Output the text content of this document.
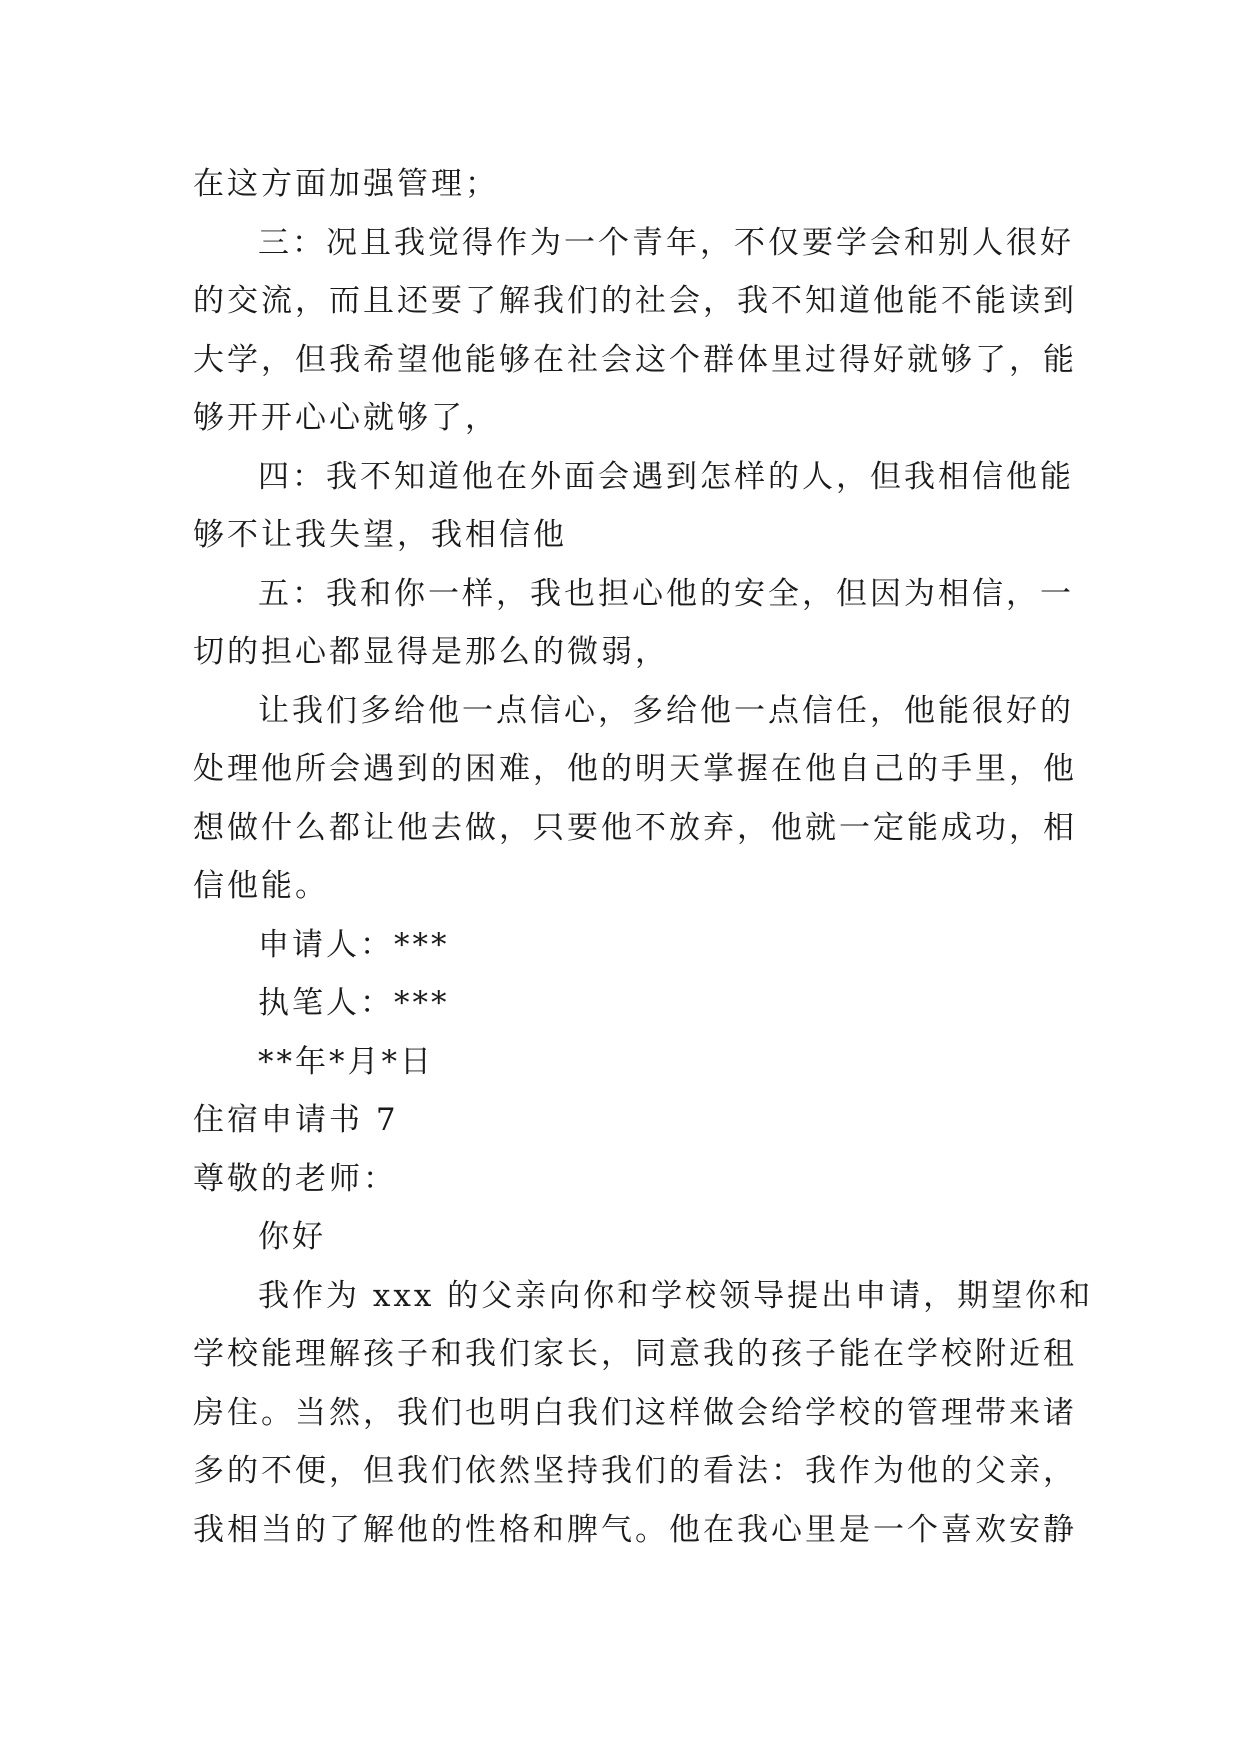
在这方面加强管理；
三：况且我觉得作为一个青年，不仅要学会和别人很好
的交流，而且还要了解我们的社会，我不知道他能不能读到
大学，但我希望他能够在社会这个群体里过得好就够了，能
够开开心心就够了，
四：我不知道他在外面会遇到怎样的人，但我相信他能
够不让我失望，我相信他
五：我和你一样，我也担心他的安全，但因为相信，一
切的担心都显得是那么的微弱，
让我们多给他一点信心，多给他一点信任，他能很好的
处理他所会遇到的困难，他的明天掌握在他自己的手里，他
想做什么都让他去做，只要他不放弃，他就一定能成功，相
信他能。
申请人：***
执笔人：***
**年*月*日
住宿申请书 7
尊敬的老师：
你好
我作为 xxx 的父亲向你和学校领导提出申请，期望你和
学校能理解孩子和我们家长，同意我的孩子能在学校附近租
房住。当然，我们也明白我们这样做会给学校的管理带来诸
多的不便，但我们依然坚持我们的看法：我作为他的父亲，
我相当的了解他的性格和脾气。他在我心里是一个喜欢安静
